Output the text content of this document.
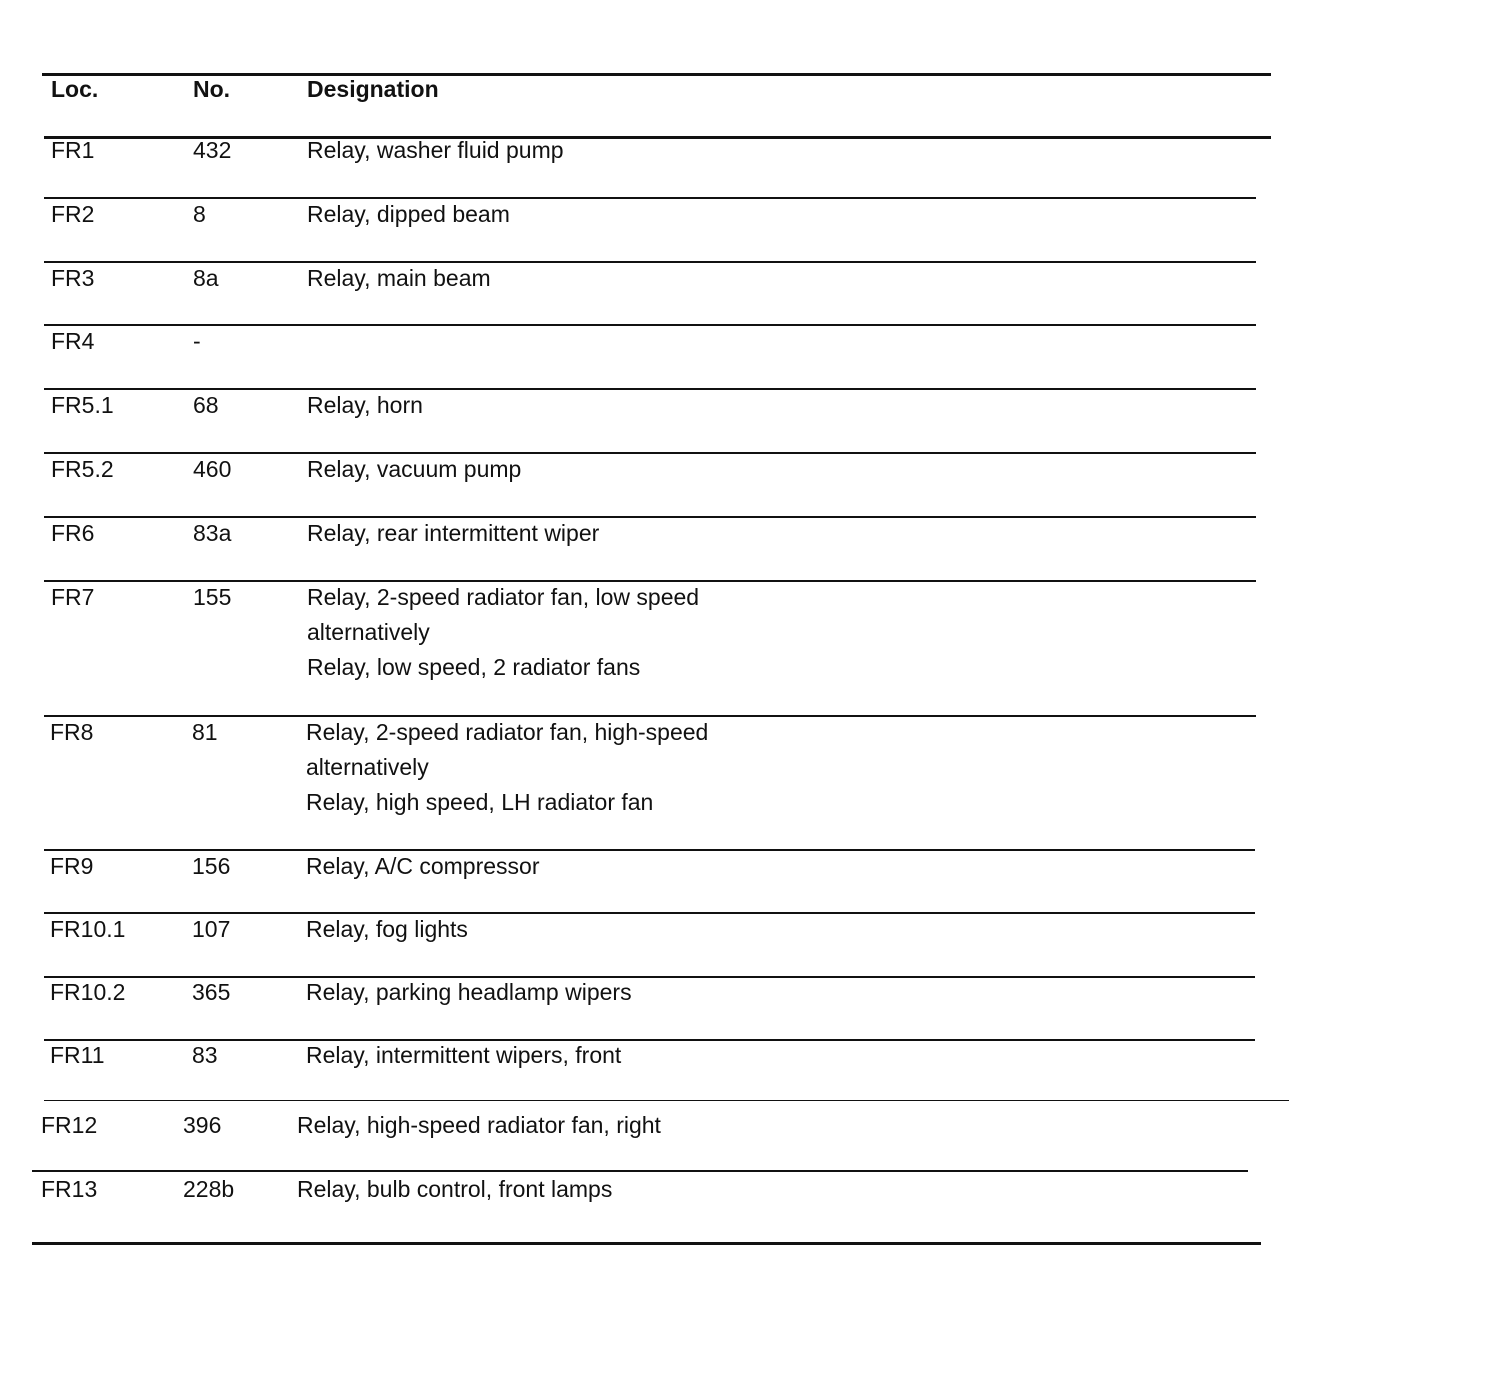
Loc.	No.	Designation
FR1	432	Relay, washer fluid pump
FR2	8	Relay, dipped beam
FR3	8a	Relay, main beam
FR4	-
FR5.1	68	Relay, horn
FR5.2	460	Relay, vacuum pump
FR6	83a	Relay, rear intermittent wiper
FR7	155	Relay, 2-speed radiator fan, low speed
alternatively
Relay, low speed, 2 radiator fans
FR8	81	Relay, 2-speed radiator fan, high-speed
alternatively
Relay, high speed, LH radiator fan
FR9	156	Relay, A/C compressor
FR10.1	107	Relay, fog lights
FR10.2	365	Relay, parking headlamp wipers
FR11	83	Relay, intermittent wipers, front
FR12	396	Relay, high-speed radiator fan, right
FR13	228b	Relay, bulb control, front lamps
